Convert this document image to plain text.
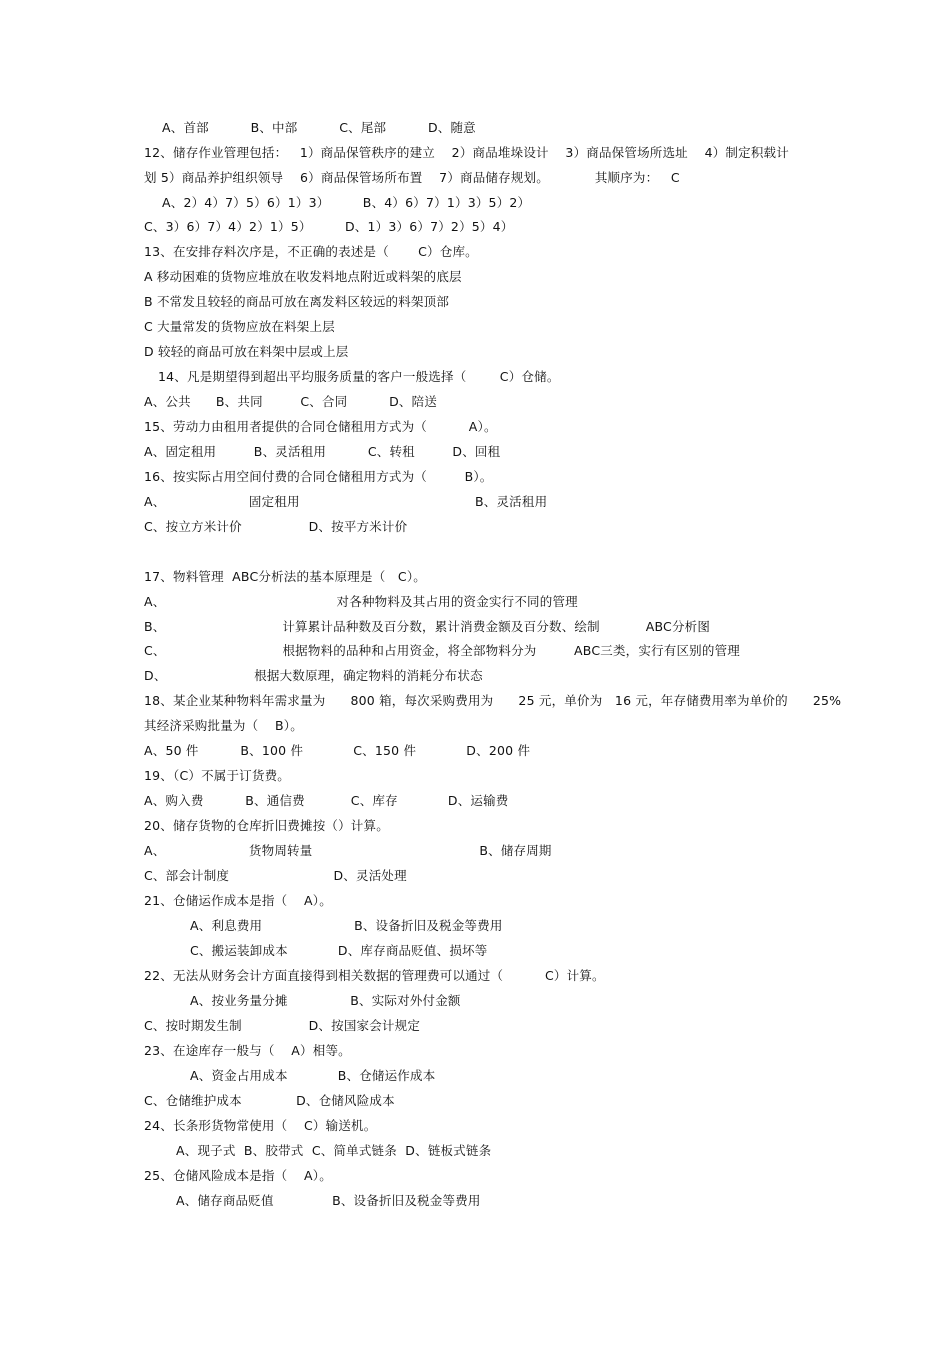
A、首部          B、中部          C、尾部          D、随意
12、储存作业管理包括：   1）商品保管秩序的建立    2）商品堆垛设计    3）商品保管场所选址    4）制定积载计
划 5）商品养护组织领导    6）商品保管场所布置    7）商品储存规划。           其顺序为：   C
A、2）4）7）5）6）1）3）        B、4）6）7）1）3）5）2）
C、3）6）7）4）2）1）5）        D、1）3）6）7）2）5）4）
13、在安排存料次序是，不正确的表述是（       C）仓库。
A 移动困难的货物应堆放在收发料地点附近或料架的底层
B 不常发且较轻的商品可放在离发料区较远的料架顶部
C 大量常发的货物应放在料架上层
D 较轻的商品可放在料架中层或上层
14、凡是期望得到超出平均服务质量的客户一般选择（        C）仓储。
A、公共      B、共同         C、合同          D、陪送
15、劳动力由租用者提供的合同仓储租用方式为（          A）。
A、固定租用         B、灵活租用          C、转租         D、回租
16、按实际占用空间付费的合同仓储租用方式为（         B）。
A、                    固定租用                                          B、灵活租用
C、按立方米计价                D、按平方米计价
17、物料管理  ABC分析法的基本原理是（   C）。
A、                                         对各种物料及其占用的资金实行不同的管理
B、                            计算累计品种数及百分数，累计消费金额及百分数、绘制           ABC分析图
C、                            根据物料的品种和占用资金，将全部物料分为         ABC三类，实行有区别的管理
D、                     根据大数原理，确定物料的消耗分布状态
18、某企业某种物料年需求量为      800 箱，每次采购费用为      25 元，单价为   16 元，年存储费用率为单价的      25%
其经济采购批量为（    B）。
A、50 件          B、100 件            C、150 件            D、200 件
19、（C）不属于订货费。
A、购入费          B、通信费           C、库存            D、运输费
20、储存货物的仓库折旧费摊按（）计算。
A、                    货物周转量                                        B、储存周期
C、部会计制度                         D、灵活处理
21、仓储运作成本是指（    A）。
A、利息费用                      B、设备折旧及税金等费用
C、搬运装卸成本            D、库存商品贬值、损坏等
22、无法从财务会计方面直接得到相关数据的管理费可以通过（          C）计算。
A、按业务量分摊               B、实际对外付金额
C、按时期发生制                D、按国家会计规定
23、在途库存一般与（    A）相等。
A、资金占用成本            B、仓储运作成本
C、仓储维护成本             D、仓储风险成本
24、长条形货物常使用（    C）输送机。
A、现子式  B、胶带式  C、简单式链条  D、链板式链条
25、仓储风险成本是指（    A）。
A、储存商品贬值              B、设备折旧及税金等费用
